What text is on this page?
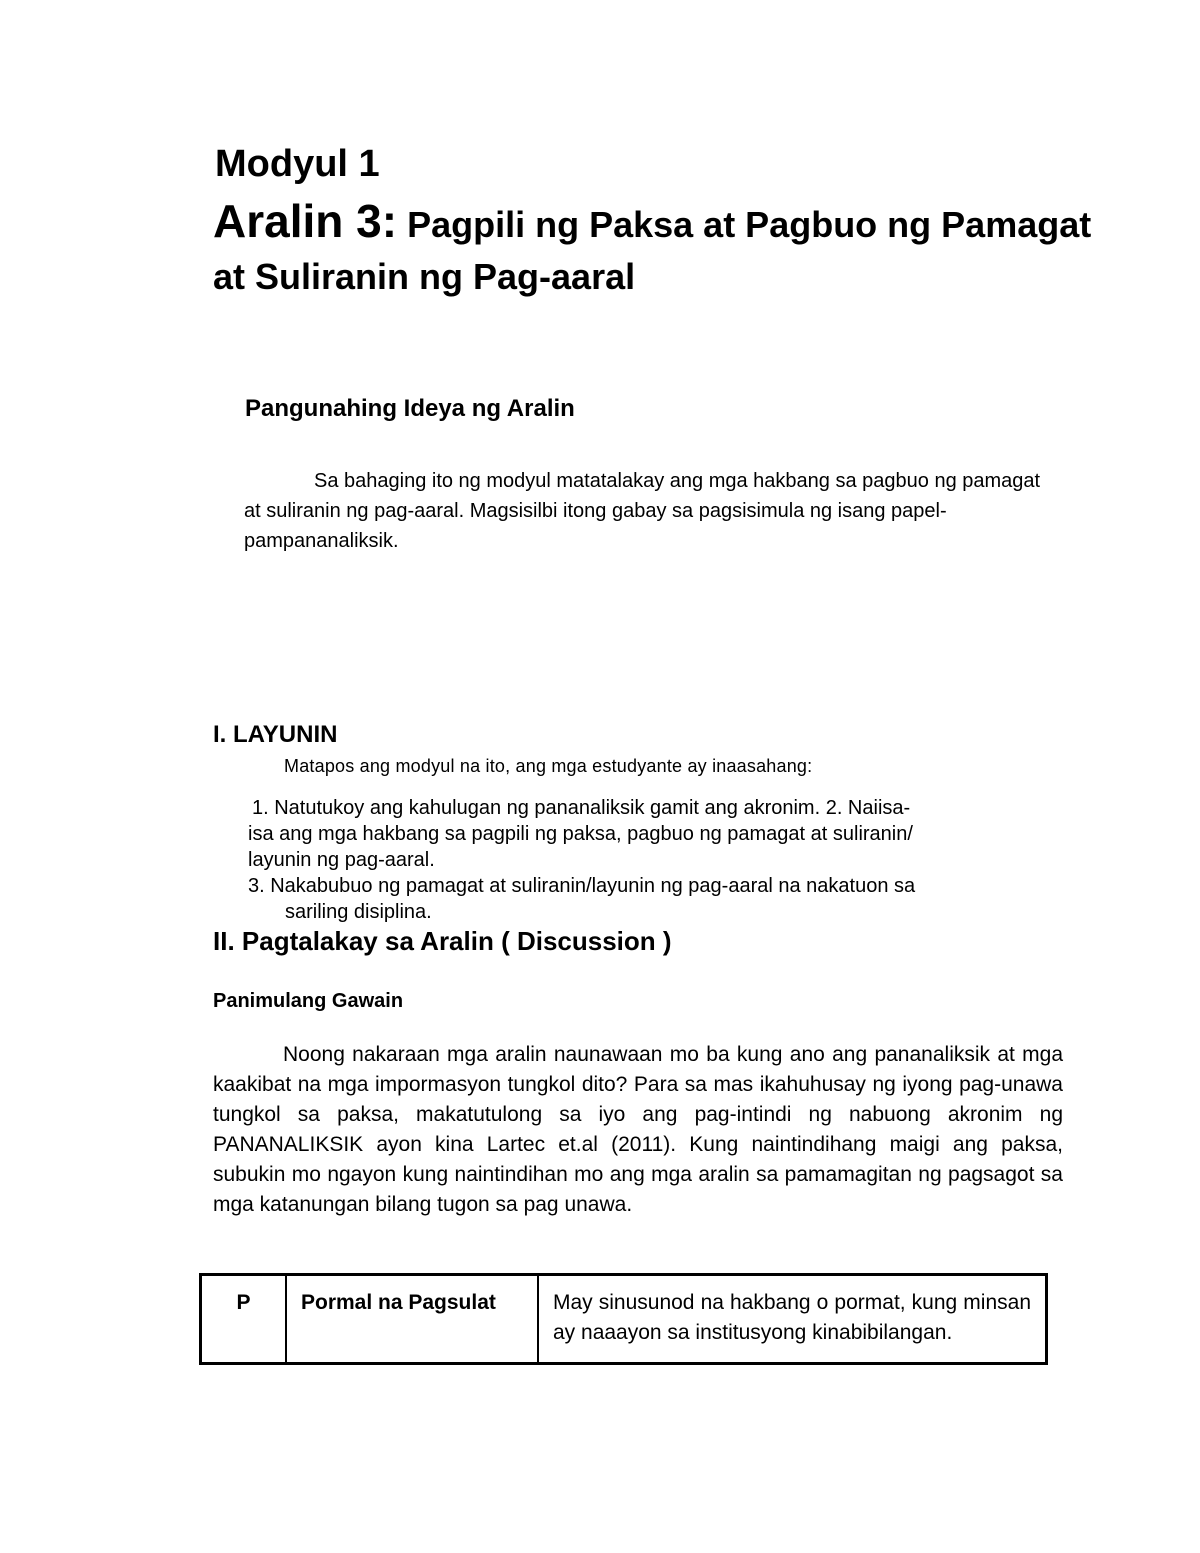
Modyul 1
Aralin 3: Pagpili ng Paksa at Pagbuo ng Pamagat at Suliranin ng Pag-aaral
Pangunahing Ideya ng Aralin

Sa bahaging ito ng modyul matatalakay ang mga hakbang sa pagbuo ng pamagat at suliranin ng pag-aaral. Magsisilbi itong gabay sa pagsisimula ng isang papel-pampananaliksik.

I. LAYUNIN
Matapos ang modyul na ito, ang mga estudyante ay inaasahang:
1. Natutukoy ang kahulugan ng pananaliksik gamit ang akronim. 2. Naiisa-
isa ang mga hakbang sa pagpili ng paksa, pagbuo ng pamagat at suliranin/
layunin ng pag-aaral.
3. Nakabubuo ng pamagat at suliranin/layunin ng pag-aaral na nakatuon sa
sariling disiplina.
II. Pagtalakay sa Aralin ( Discussion )
Panimulang Gawain

Noong nakaraan mga aralin naunawaan mo ba kung ano ang pananaliksik at mga kaakibat na mga impormasyon tungkol dito? Para sa mas ikahuhusay ng iyong pag-unawa tungkol sa paksa, makatutulong sa iyo ang pag-intindi ng nabuong akronim ng PANANALIKSIK ayon kina Lartec et.al (2011). Kung naintindihang maigi ang paksa, subukin mo ngayon kung naintindihan mo ang mga aralin sa pamamagitan ng pagsagot sa mga katanungan bilang tugon sa pag unawa.

P	Pormal na Pagsulat	May sinusunod na hakbang o pormat, kung minsan ay naaayon sa institusyong kinabibilangan.
